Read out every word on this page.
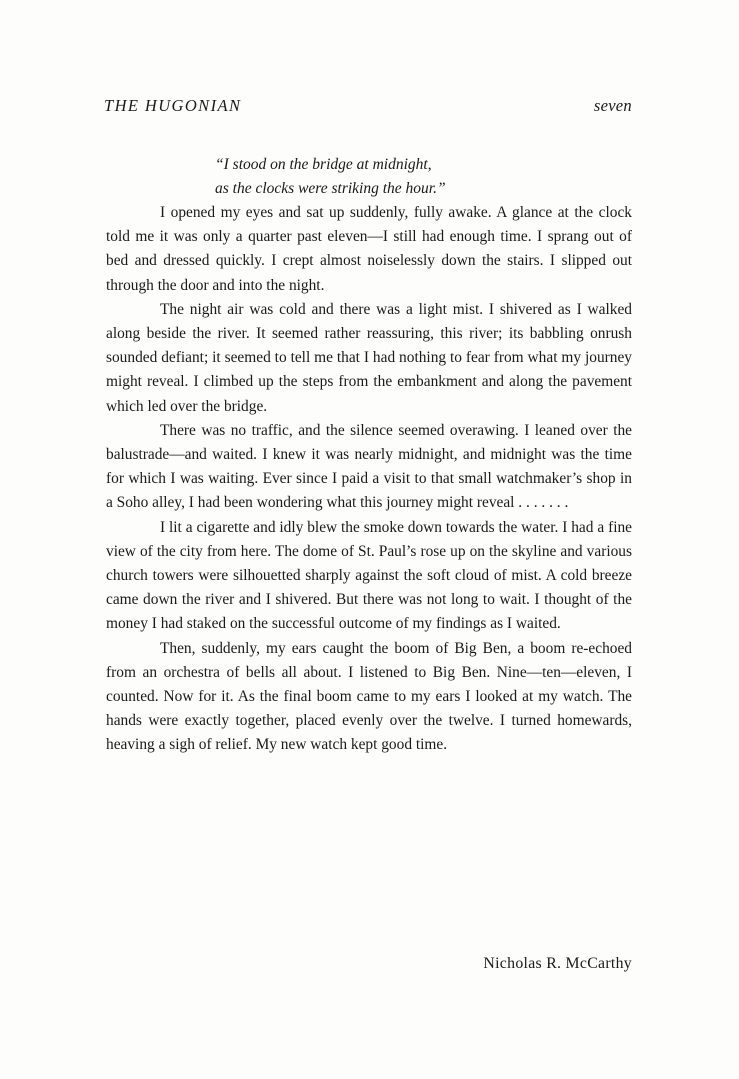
THE HUGONIAN	seven
“I stood on the bridge at midnight,
as the clocks were striking the hour.”

I opened my eyes and sat up suddenly, fully awake. A glance at the clock told me it was only a quarter past eleven—I still had enough time. I sprang out of bed and dressed quickly. I crept almost noiselessly down the stairs. I slipped out through the door and into the night.

The night air was cold and there was a light mist. I shivered as I walked along beside the river. It seemed rather reassuring, this river; its babbling onrush sounded defiant; it seemed to tell me that I had nothing to fear from what my journey might reveal. I climbed up the steps from the embankment and along the pavement which led over the bridge.

There was no traffic, and the silence seemed overawing. I leaned over the balustrade—and waited. I knew it was nearly midnight, and midnight was the time for which I was waiting. Ever since I paid a visit to that small watchmaker’s shop in a Soho alley, I had been wondering what this journey might reveal . . . . . . .

I lit a cigarette and idly blew the smoke down towards the water. I had a fine view of the city from here. The dome of St. Paul’s rose up on the skyline and various church towers were silhouetted sharply against the soft cloud of mist. A cold breeze came down the river and I shivered. But there was not long to wait. I thought of the money I had staked on the successful outcome of my findings as I waited.

Then, suddenly, my ears caught the boom of Big Ben, a boom re-echoed from an orchestra of bells all about. I listened to Big Ben. Nine—ten—eleven, I counted. Now for it. As the final boom came to my ears I looked at my watch. The hands were exactly together, placed evenly over the twelve. I turned homewards, heaving a sigh of relief. My new watch kept good time.

Nicholas R. McCarthy
